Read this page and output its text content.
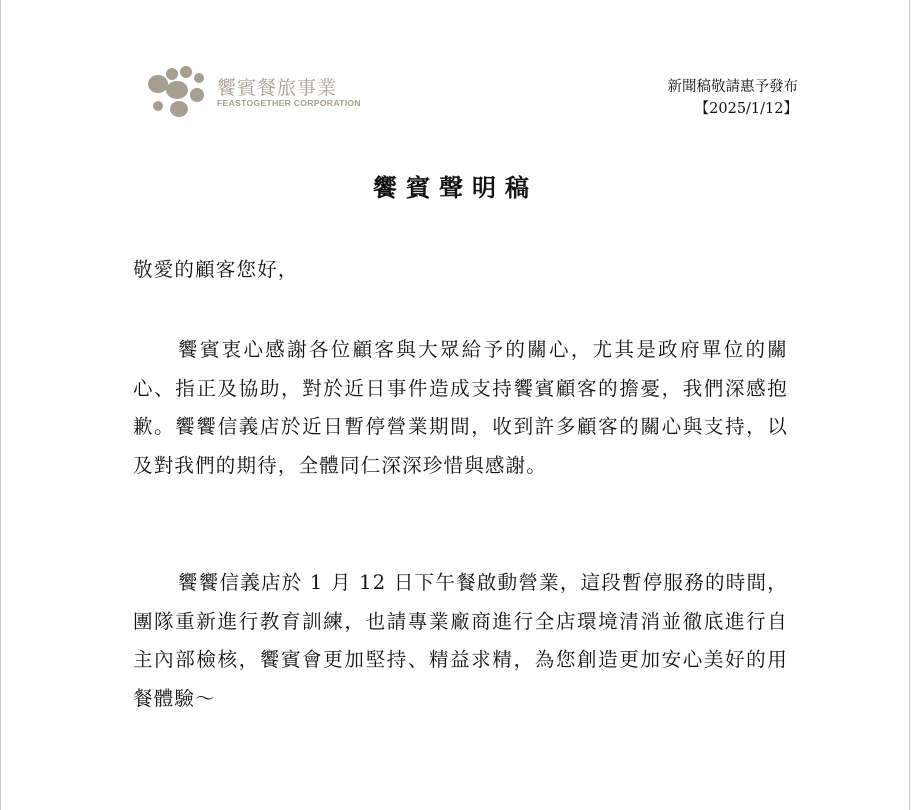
饗賓餐旅事業
FEASTOGETHER CORPORATION
新聞稿敬請惠予發布
【2025/1/12】
饗賓聲明稿
敬愛的顧客您好，
饗賓衷心感謝各位顧客與大眾給予的關心，尤其是政府單位的關心、指正及協助，對於近日事件造成支持饗賓顧客的擔憂，我們深感抱歉。饗饗信義店於近日暫停營業期間，收到許多顧客的關心與支持，以及對我們的期待，全體同仁深深珍惜與感謝。
饗饗信義店於 1 月 12 日下午餐啟動營業，這段暫停服務的時間，團隊重新進行教育訓練，也請專業廠商進行全店環境清消並徹底進行自主內部檢核，饗賓會更加堅持、精益求精，為您創造更加安心美好的用餐體驗～
